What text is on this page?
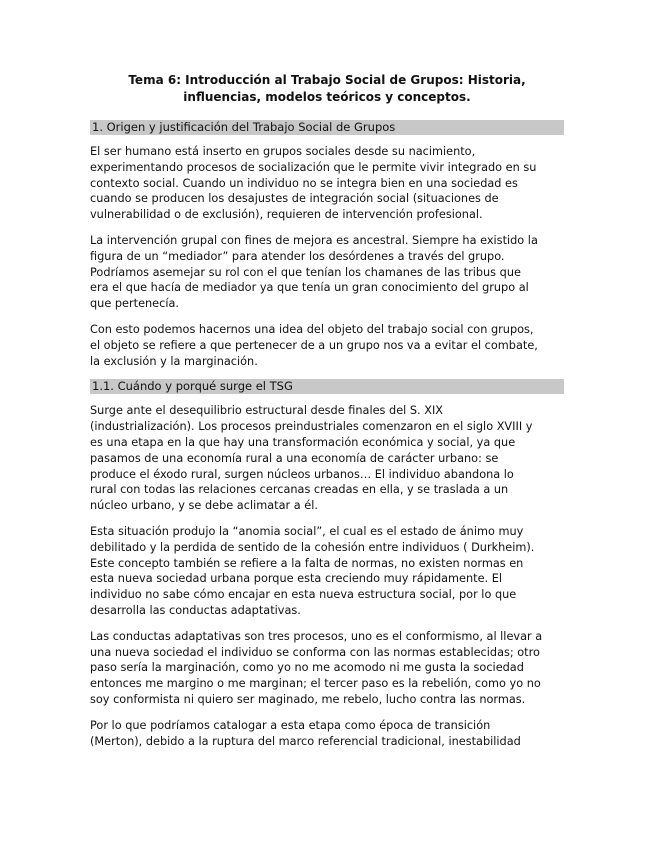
Tema 6: Introducción al Trabajo Social de Grupos: Historia,
influencias, modelos teóricos y conceptos.
1. Origen y justificación del Trabajo Social de Grupos

El ser humano está inserto en grupos sociales desde su nacimiento,
experimentando procesos de socialización que le permite vivir integrado en su
contexto social. Cuando un individuo no se integra bien en una sociedad es
cuando se producen los desajustes de integración social (situaciones de
vulnerabilidad o de exclusión), requieren de intervención profesional.

La intervención grupal con fines de mejora es ancestral. Siempre ha existido la
figura de un “mediador” para atender los desórdenes a través del grupo.
Podríamos asemejar su rol con el que tenían los chamanes de las tribus que
era el que hacía de mediador ya que tenía un gran conocimiento del grupo al
que pertenecía.

Con esto podemos hacernos una idea del objeto del trabajo social con grupos,
el objeto se refiere a que pertenecer de a un grupo nos va a evitar el combate,
la exclusión y la marginación.

1.1. Cuándo y porqué surge el TSG

Surge ante el desequilibrio estructural desde finales del S. XIX
(industrialización). Los procesos preindustriales comenzaron en el siglo XVIII y
es una etapa en la que hay una transformación económica y social, ya que
pasamos de una economía rural a una economía de carácter urbano: se
produce el éxodo rural, surgen núcleos urbanos… El individuo abandona lo
rural con todas las relaciones cercanas creadas en ella, y se traslada a un
núcleo urbano, y se debe aclimatar a él.

Esta situación produjo la “anomia social”, el cual es el estado de ánimo muy
debilitado y la perdida de sentido de la cohesión entre individuos ( Durkheim).
Este concepto también se refiere a la falta de normas, no existen normas en
esta nueva sociedad urbana porque esta creciendo muy rápidamente. El
individuo no sabe cómo encajar en esta nueva estructura social, por lo que
desarrolla las conductas adaptativas.

Las conductas adaptativas son tres procesos, uno es el conformismo, al llevar a
una nueva sociedad el individuo se conforma con las normas establecidas; otro
paso sería la marginación, como yo no me acomodo ni me gusta la sociedad
entonces me margino o me marginan; el tercer paso es la rebelión, como yo no
soy conformista ni quiero ser maginado, me rebelo, lucho contra las normas.

Por lo que podríamos catalogar a esta etapa como época de transición
(Merton), debido a la ruptura del marco referencial tradicional, inestabilidad
